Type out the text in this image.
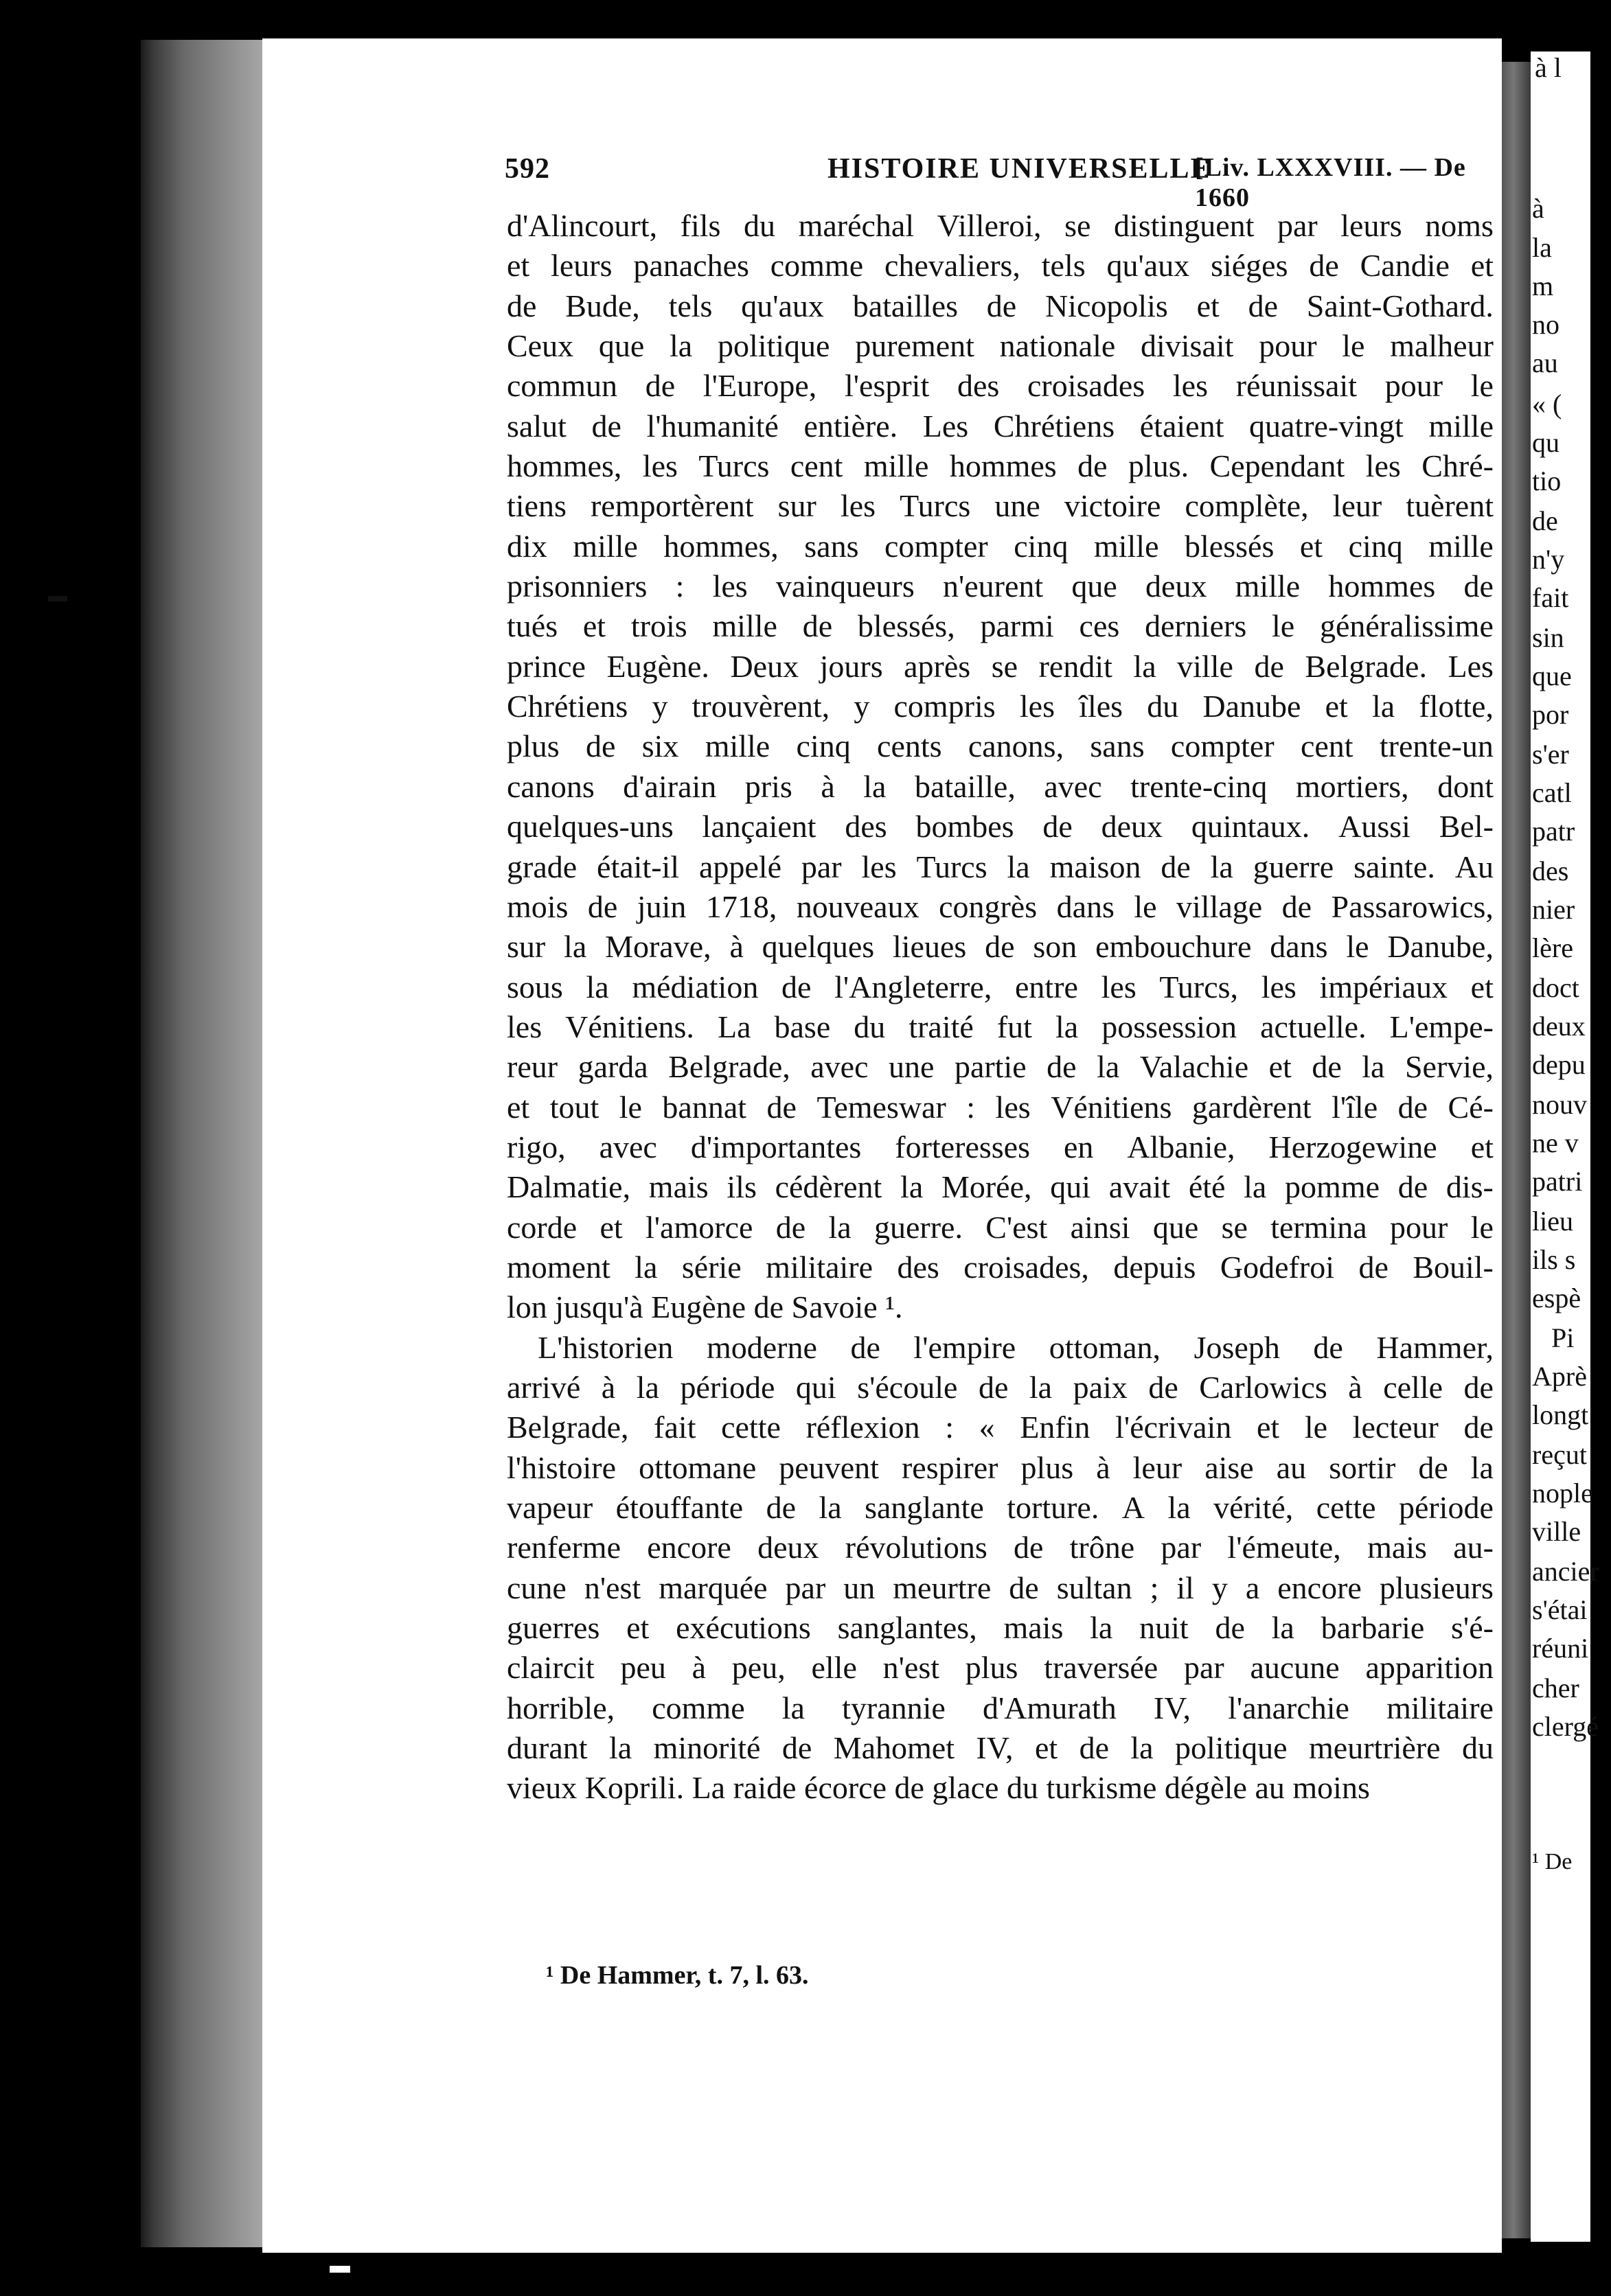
592	HISTOIRE UNIVERSELLE
[Liv. LXXXVIII. — De 1660
d'Alincourt, fils du maréchal Villeroi, se distinguent par leurs noms
et leurs panaches comme chevaliers, tels qu'aux siéges de Candie et
de Bude, tels qu'aux batailles de Nicopolis et de Saint-Gothard.
Ceux que la politique purement nationale divisait pour le malheur
commun de l'Europe, l'esprit des croisades les réunissait pour le
salut de l'humanité entière. Les Chrétiens étaient quatre-vingt mille
hommes, les Turcs cent mille hommes de plus. Cependant les Chré-
tiens remportèrent sur les Turcs une victoire complète, leur tuèrent
dix mille hommes, sans compter cinq mille blessés et cinq mille
prisonniers : les vainqueurs n'eurent que deux mille hommes de
tués et trois mille de blessés, parmi ces derniers le généralissime
prince Eugène. Deux jours après se rendit la ville de Belgrade. Les
Chrétiens y trouvèrent, y compris les îles du Danube et la flotte,
plus de six mille cinq cents canons, sans compter cent trente-un
canons d'airain pris à la bataille, avec trente-cinq mortiers, dont
quelques-uns lançaient des bombes de deux quintaux. Aussi Bel-
grade était-il appelé par les Turcs la maison de la guerre sainte. Au
mois de juin 1718, nouveaux congrès dans le village de Passarowics,
sur la Morave, à quelques lieues de son embouchure dans le Danube,
sous la médiation de l'Angleterre, entre les Turcs, les impériaux et
les Vénitiens. La base du traité fut la possession actuelle. L'empe-
reur garda Belgrade, avec une partie de la Valachie et de la Servie,
et tout le bannat de Temeswar : les Vénitiens gardèrent l'île de Cé-
rigo, avec d'importantes forteresses en Albanie, Herzogewine et
Dalmatie, mais ils cédèrent la Morée, qui avait été la pomme de dis-
corde et l'amorce de la guerre. C'est ainsi que se termina pour le
moment la série militaire des croisades, depuis Godefroi de Bouil-
lon jusqu'à Eugène de Savoie ¹.
L'historien moderne de l'empire ottoman, Joseph de Hammer,
arrivé à la période qui s'écoule de la paix de Carlowics à celle de
Belgrade, fait cette réflexion : « Enfin l'écrivain et le lecteur de
l'histoire ottomane peuvent respirer plus à leur aise au sortir de la
vapeur étouffante de la sanglante torture. A la vérité, cette période
renferme encore deux révolutions de trône par l'émeute, mais au-
cune n'est marquée par un meurtre de sultan ; il y a encore plusieurs
guerres et exécutions sanglantes, mais la nuit de la barbarie s'é-
claircit peu à peu, elle n'est plus traversée par aucune apparition
horrible, comme la tyrannie d'Amurath IV, l'anarchie militaire
durant la minorité de Mahomet IV, et de la politique meurtrière du
vieux Koprili. La raide écorce de glace du turkisme dégèle au moins
¹ De Hammer, t. 7, l. 63.
à l
à
la
m
no
au
« (
qu
tio
de
n'y
fait
sin
que
por
s'er
catl
patr
des
nier
lère
doct
deux
depu
nouv
ne v
patri
lieu
ils s
espè
Pi
Aprè
longt
reçut
nople
ville
ancier
s'étai
réuni
cher
clergé
¹ De
